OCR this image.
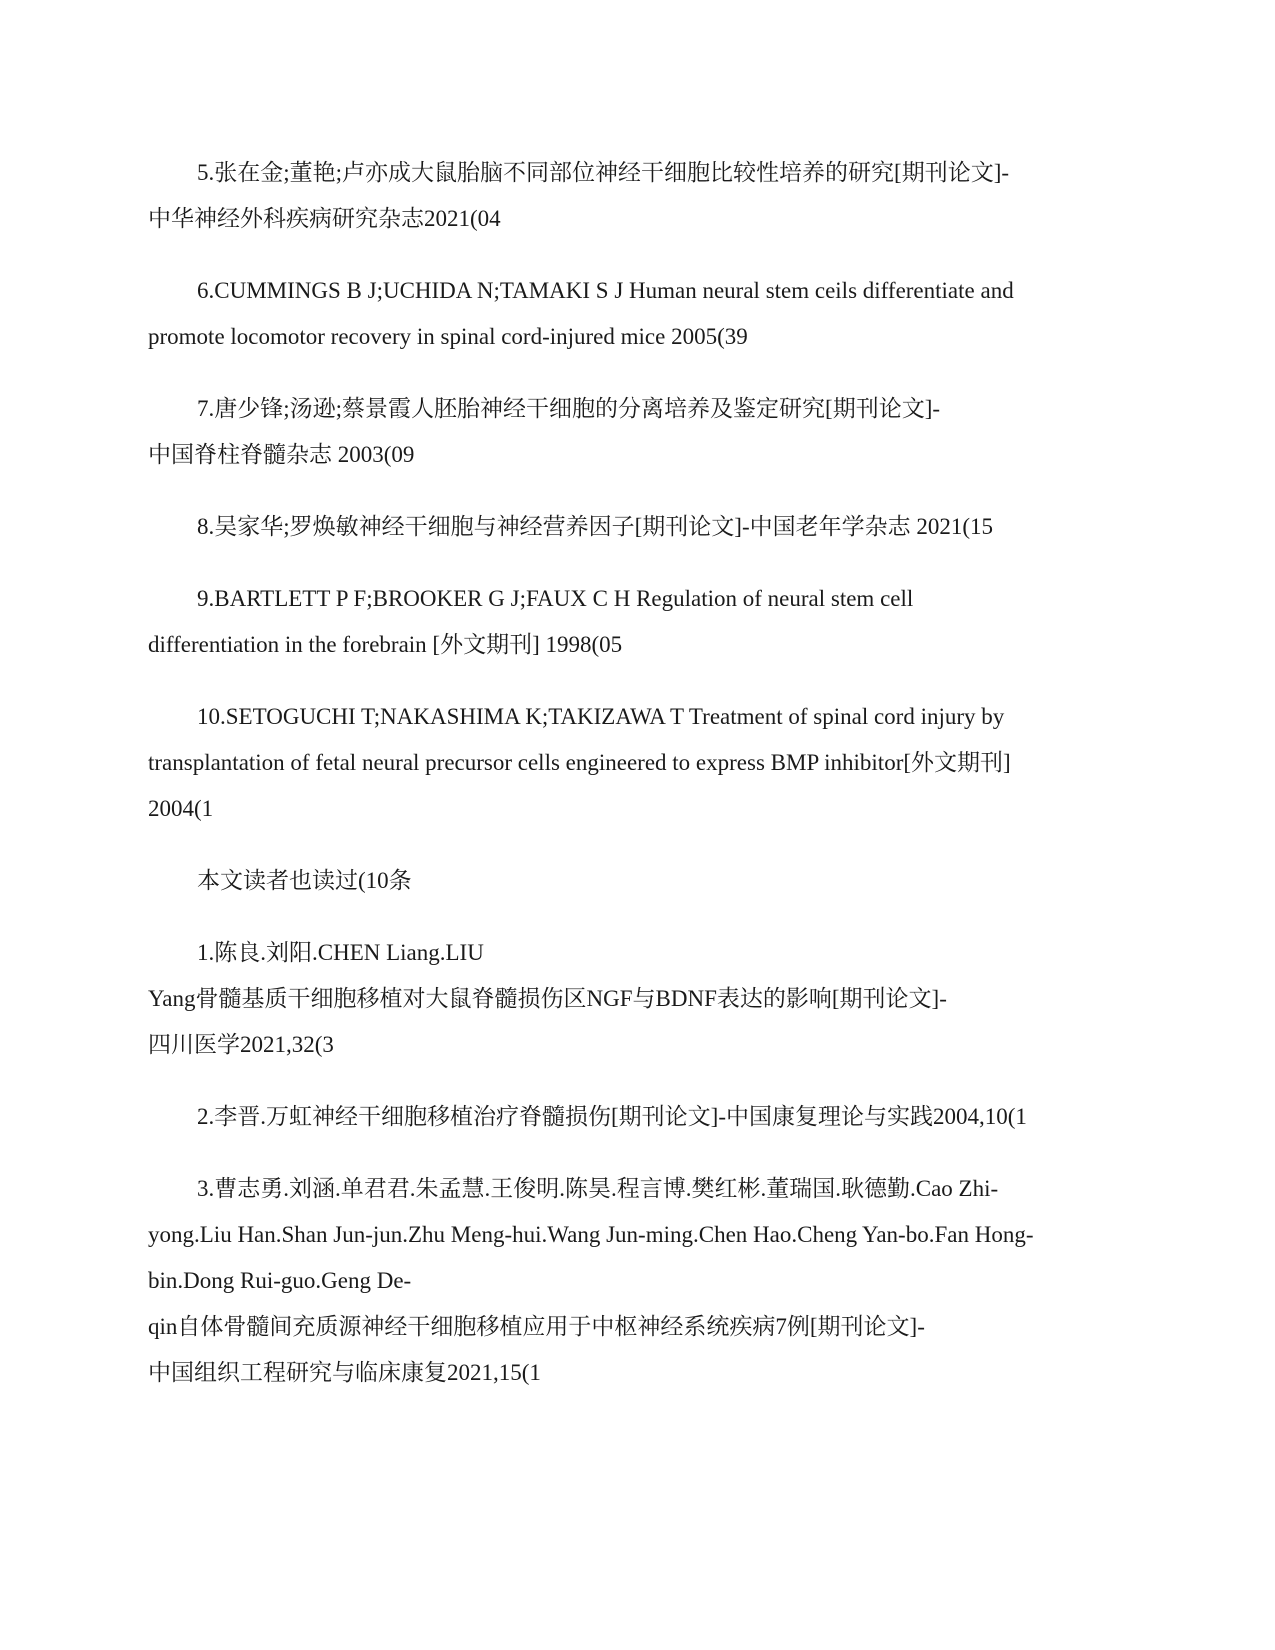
5.张在金;董艳;卢亦成大鼠胎脑不同部位神经干细胞比较性培养的研究[期刊论文]-
中华神经外科疾病研究杂志2021(04

6.CUMMINGS B J;UCHIDA N;TAMAKI S J Human neural stem ceils differentiate and
promote locomotor recovery in spinal cord-injured mice 2005(39

7.唐少锋;汤逊;蔡景霞人胚胎神经干细胞的分离培养及鉴定研究[期刊论文]-
中国脊柱脊髓杂志 2003(09

8.吴家华;罗焕敏神经干细胞与神经营养因子[期刊论文]-中国老年学杂志 2021(15

9.BARTLETT P F;BROOKER G J;FAUX C H Regulation of neural stem cell
differentiation in the forebrain [外文期刊] 1998(05

10.SETOGUCHI T;NAKASHIMA K;TAKIZAWA T Treatment of spinal cord injury by
transplantation of fetal neural precursor cells engineered to express BMP inhibitor[外文期刊]
2004(1

本文读者也读过(10条

1.陈良.刘阳.CHEN Liang.LIU
Yang骨髓基质干细胞移植对大鼠脊髓损伤区NGF与BDNF表达的影响[期刊论文]-
四川医学2021,32(3

2.李晋.万虹神经干细胞移植治疗脊髓损伤[期刊论文]-中国康复理论与实践2004,10(1

3.曹志勇.刘涵.单君君.朱孟慧.王俊明.陈昊.程言博.樊红彬.董瑞国.耿德勤.Cao Zhi-
yong.Liu Han.Shan Jun-jun.Zhu Meng-hui.Wang Jun-ming.Chen Hao.Cheng Yan-bo.Fan Hong-
bin.Dong Rui-guo.Geng De-
qin自体骨髓间充质源神经干细胞移植应用于中枢神经系统疾病7例[期刊论文]-
中国组织工程研究与临床康复2021,15(1
